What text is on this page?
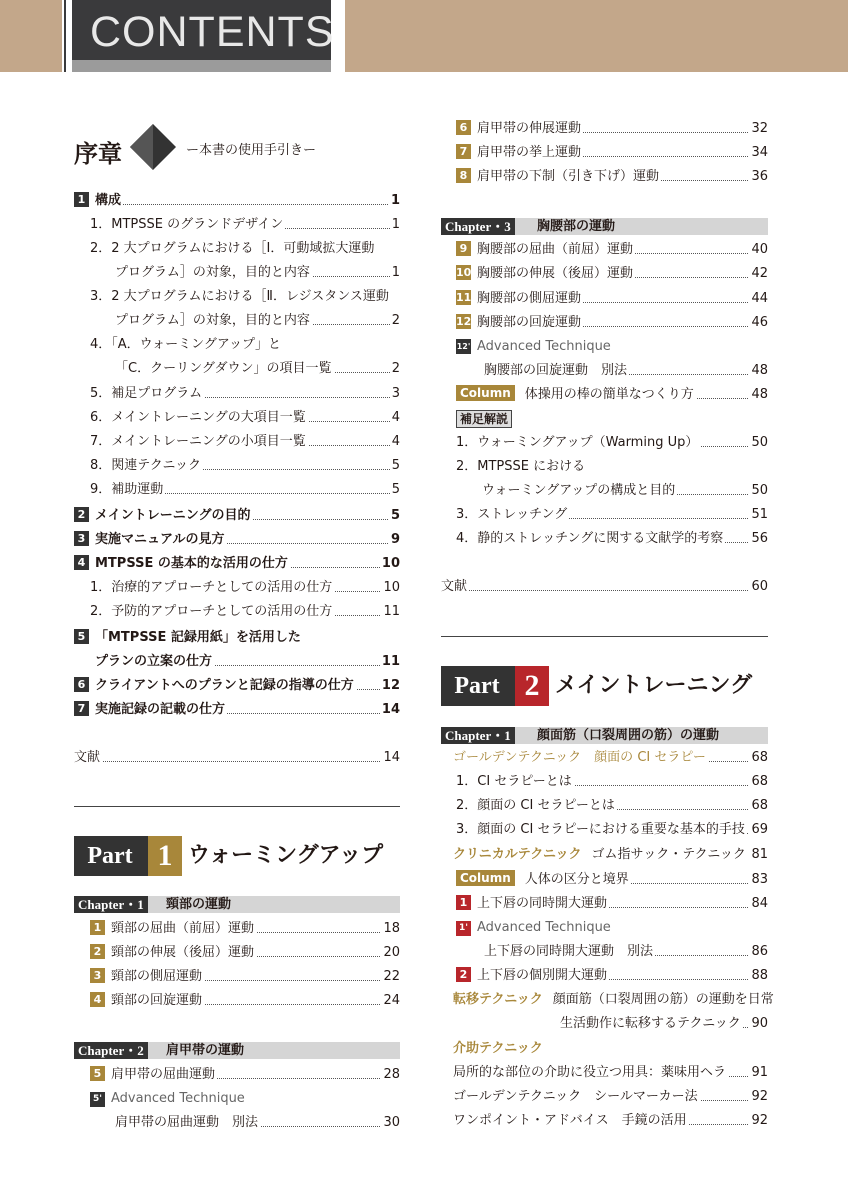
CONTENTS
序章	ー本書の使用手引きー
1 構成	1
1．MTPSSE のグランドデザイン	1
2．2 大プログラムにおける［Ⅰ．可動域拡大運動
プログラム］の対象，目的と内容	1
3．2 大プログラムにおける［Ⅱ．レジスタンス運動
プログラム］の対象，目的と内容	2
4．「A．ウォーミングアップ」と
「C．クーリングダウン」の項目一覧	2
5．補足プログラム	3
6．メイントレーニングの大項目一覧	4
7．メイントレーニングの小項目一覧	4
8．関連テクニック	5
9．補助運動	5
2 メイントレーニングの目的	5
3 実施マニュアルの見方	9
4 MTPSSE の基本的な活用の仕方	10
1．治療的アプローチとしての活用の仕方	10
2．予防的アプローチとしての活用の仕方	11
5 「MTPSSE 記録用紙」を活用した
プランの立案の仕方	11
6 クライアントへのプランと記録の指導の仕方 12
7 実施記録の記載の仕方	14
文献	14
Part 1 ウォーミングアップ
Chapter・1	頸部の運動
1 頸部の屈曲（前屈）運動	18
2 頸部の伸展（後屈）運動	20
3 頸部の側屈運動	22
4 頸部の回旋運動	24
Chapter・2	肩甲帯の運動
5 肩甲帯の屈曲運動	28
5' Advanced Technique
肩甲帯の屈曲運動　別法	30
6 肩甲帯の伸展運動	32
7 肩甲帯の挙上運動	34
8 肩甲帯の下制（引き下げ）運動	36
Chapter・3	胸腰部の運動
9 胸腰部の屈曲（前屈）運動	40
10 胸腰部の伸展（後屈）運動	42
11 胸腰部の側屈運動	44
12 胸腰部の回旋運動	46
12' Advanced Technique
胸腰部の回旋運動　別法	48
Column 体操用の棒の簡単なつくり方	48
補足解説
1．ウォーミングアップ（Warming Up）	50
2．MTPSSE における
ウォーミングアップの構成と目的	50
3．ストレッチング	51
4．静的ストレッチングに関する文献学的考察 56
文献	60
Part 2 メイントレーニング
Chapter・1	顔面筋（口裂周囲の筋）の運動
ゴールデンテクニック　顔面の CI セラピー	68
1．CI セラピーとは	68
2．顔面の CI セラピーとは	68
3．顔面の CI セラピーにおける重要な基本的手技 69
クリニカルテクニック ゴム指サック・テクニック 81
Column 人体の区分と境界	83
1 上下唇の同時開大運動	84
1' Advanced Technique
上下唇の同時開大運動　別法	86
2 上下唇の個別開大運動	88
転移テクニック 顔面筋（口裂周囲の筋）の運動を日常
生活動作に転移するテクニック 90
介助テクニック
局所的な部位の介助に役立つ用具：薬味用ヘラ 91
ゴールデンテクニック　シールマーカー法	92
ワンポイント・アドバイス　手鏡の活用	92
